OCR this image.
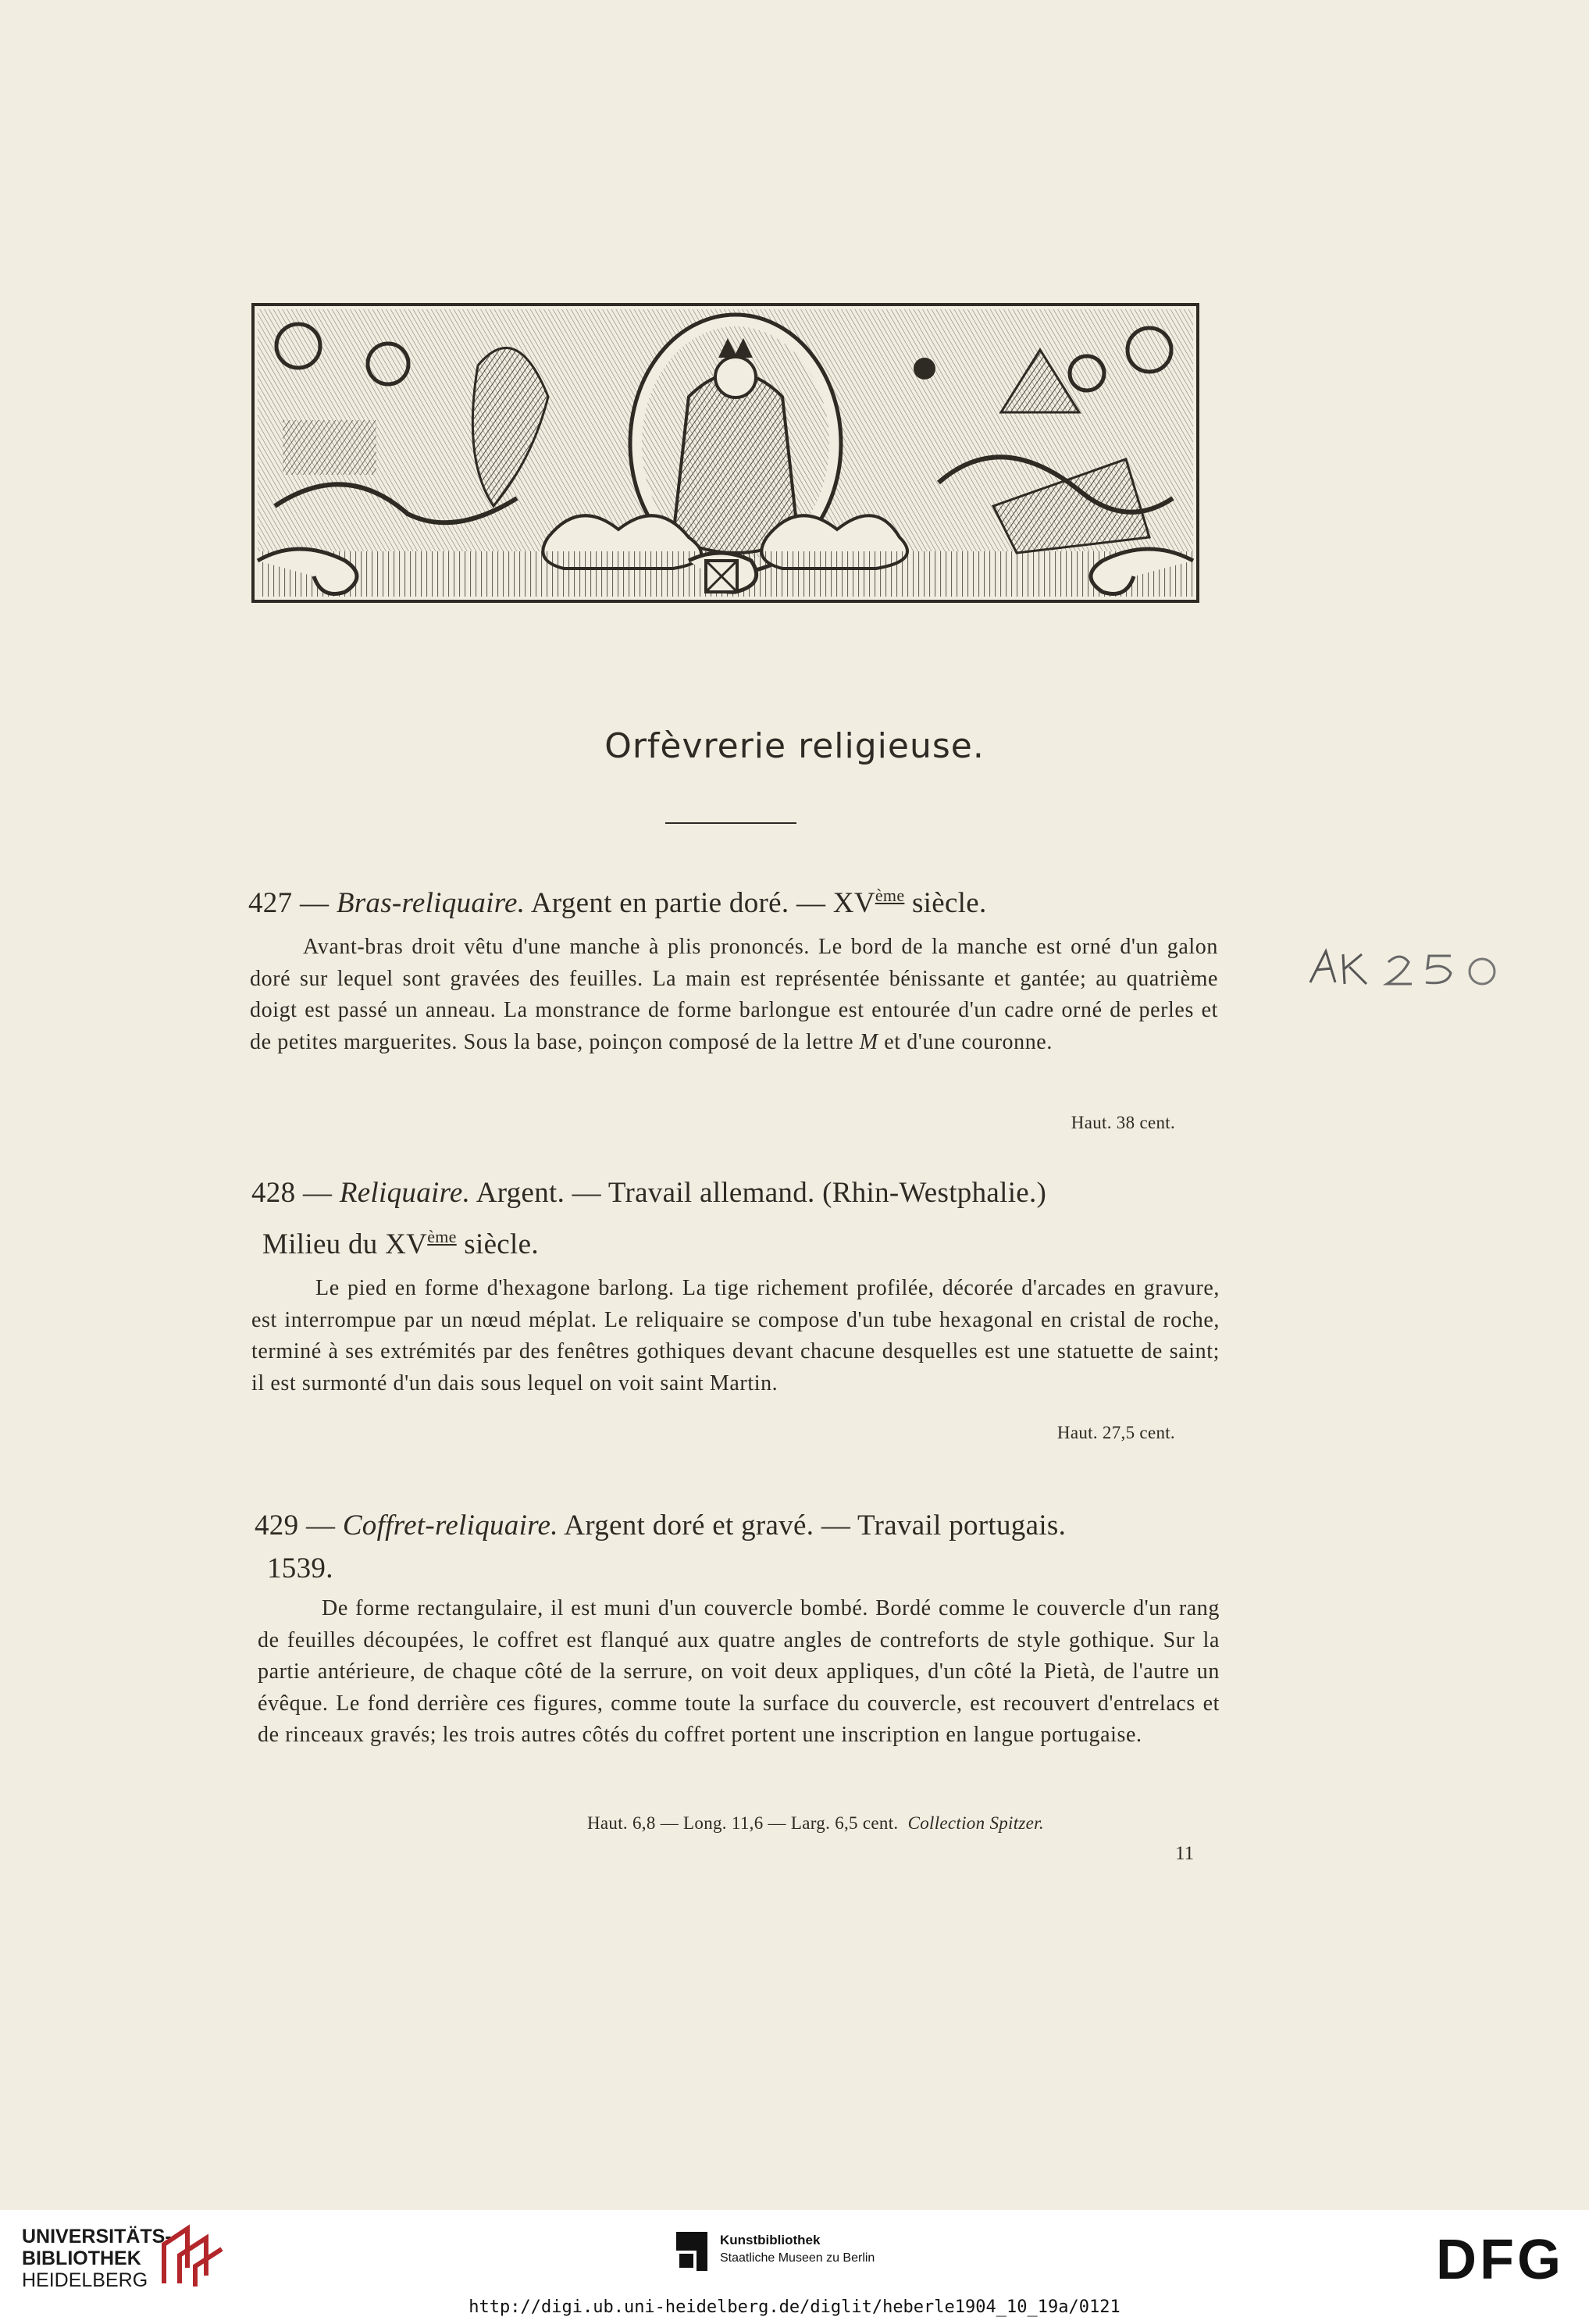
Orfèvrerie religieuse.
427 — Bras-reliquaire. Argent en partie doré. — XVème siècle.
Avant-bras droit vêtu d'une manche à plis prononcés. Le bord de la manche est orné d'un galon doré sur lequel sont gravées des feuilles. La main est représentée bénissante et gantée; au quatrième doigt est passé un anneau. La monstrance de forme barlongue est entourée d'un cadre orné de perles et de petites marguerites. Sous la base, poinçon composé de la lettre M et d'une couronne.
Haut. 38 cent.
428 — Reliquaire. Argent. — Travail allemand. (Rhin-Westphalie.)
Milieu du XVème siècle.
Le pied en forme d'hexagone barlong. La tige richement profilée, décorée d'arcades en gravure, est interrompue par un nœud méplat. Le reliquaire se compose d'un tube hexagonal en cristal de roche, terminé à ses extrémités par des fenêtres gothiques devant chacune desquelles est une statuette de saint; il est surmonté d'un dais sous lequel on voit saint Martin.
Haut. 27,5 cent.
429 — Coffret-reliquaire. Argent doré et gravé. — Travail portugais.
1539.
De forme rectangulaire, il est muni d'un couvercle bombé. Bordé comme le couvercle d'un rang de feuilles découpées, le coffret est flanqué aux quatre angles de contreforts de style gothique. Sur la partie antérieure, de chaque côté de la serrure, on voit deux appliques, d'un côté la Pietà, de l'autre un évêque. Le fond derrière ces figures, comme toute la surface du couvercle, est recouvert d'entrelacs et de rinceaux gravés; les trois autres côtés du coffret portent une inscription en langue portugaise.
Haut. 6,8 — Long. 11,6 — Larg. 6,5 cent. Collection Spitzer.
11
UNIVERSITÄTS-
BIBLIOTHEK
HEIDELBERG
Kunstbibliothek
Staatliche Museen zu Berlin	DFG
http://digi.ub.uni-heidelberg.de/diglit/heberle1904_10_19a/0121
